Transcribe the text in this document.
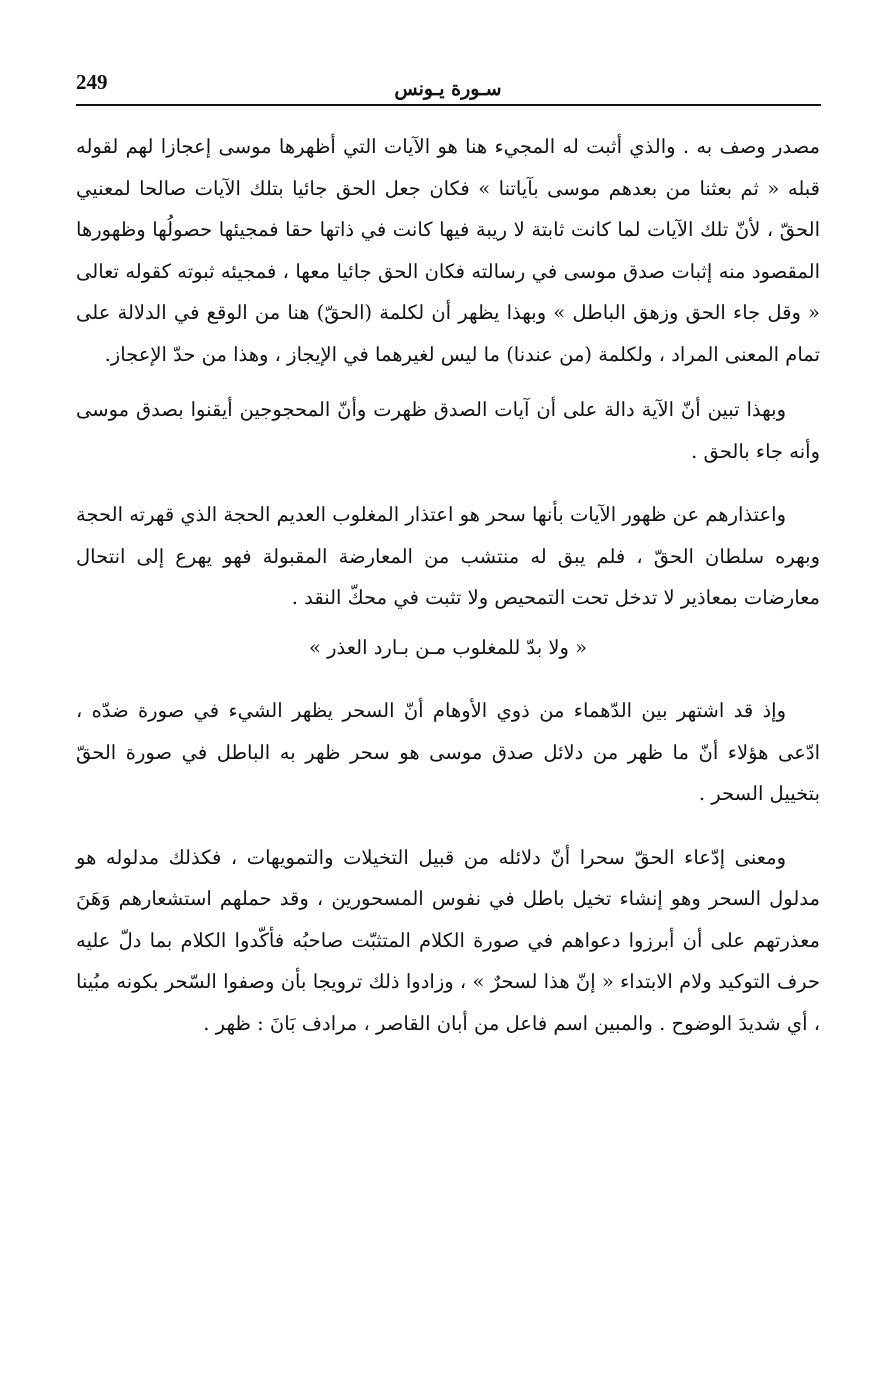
249	سـورة يـونس

مصدر وصف به . والذي أثبت له المجيء هنا هو الآيات التي أظهرها موسى إعجازا لهم لقوله قبله « ثم بعثنا من بعدهم موسى بآياتنا » فكان جعل الحق جائيا بتلك الآيات صالحا لمعنيي الحقّ ، لأنّ تلك الآيات لما كانت ثابتة لا ريبة فيها كانت في ذاتها حقا فمجيئها حصولُها وظهورها المقصود منه إثبات صدق موسى في رسالته فكان الحق جائيا معها ، فمجيئه ثبوته كقوله تعالى « وقل جاء الحق وزهق الباطل » وبهذا يظهر أن لكلمة (الحقّ) هنا من الوقع في الدلالة على تمام المعنى المراد ، ولكلمة (من عندنا) ما ليس لغيرهما في الإيجاز ، وهذا من حدّ الإعجاز.

وبهذا تبين أنّ الآية دالة على أن آيات الصدق ظهرت وأنّ المحجوجين أيقنوا بصدق موسى وأنه جاء بالحق .

واعتذارهم عن ظهور الآيات بأنها سحر هو اعتذار المغلوب العديم الحجة الذي قهرته الحجة وبهره سلطان الحقّ ، فلم يبق له منتشب من المعارضة المقبولة فهو يهرع إلى انتحال معارضات بمعاذير لا تدخل تحت التمحيص ولا تثبت في محكّ النقد .

« ولا بدّ للمغلوب مـن بـارد العذر »

وإذ قد اشتهر بين الدّهماء من ذوي الأوهام أنّ السحر يظهر الشيء في صورة ضدّه ، ادّعى هؤلاء أنّ ما ظهر من دلائل صدق موسى هو سحر ظهر به الباطل في صورة الحقّ بتخييل السحر .

ومعنى إدّعاء الحقّ سحرا أنّ دلائله من قبيل التخيلات والتمويهات ، فكذلك مدلوله هو مدلول السحر وهو إنشاء تخيل باطل في نفوس المسحورين ، وقد حملهم استشعارهم وَهَنَ معذرتهم على أن أبرزوا دعواهم في صورة الكلام المتثبّت صاحبُه فأكّدوا الكلام بما دلّ عليه حرف التوكيد ولام الابتداء « إنّ هذا لسحرٌ » ، وزادوا ذلك ترويجا بأن وصفوا السّحر بكونه مبُينا ، أي شديدَ الوضوح . والمبين اسم فاعل من أبان القاصر ، مرادف بَانَ : ظهر .
